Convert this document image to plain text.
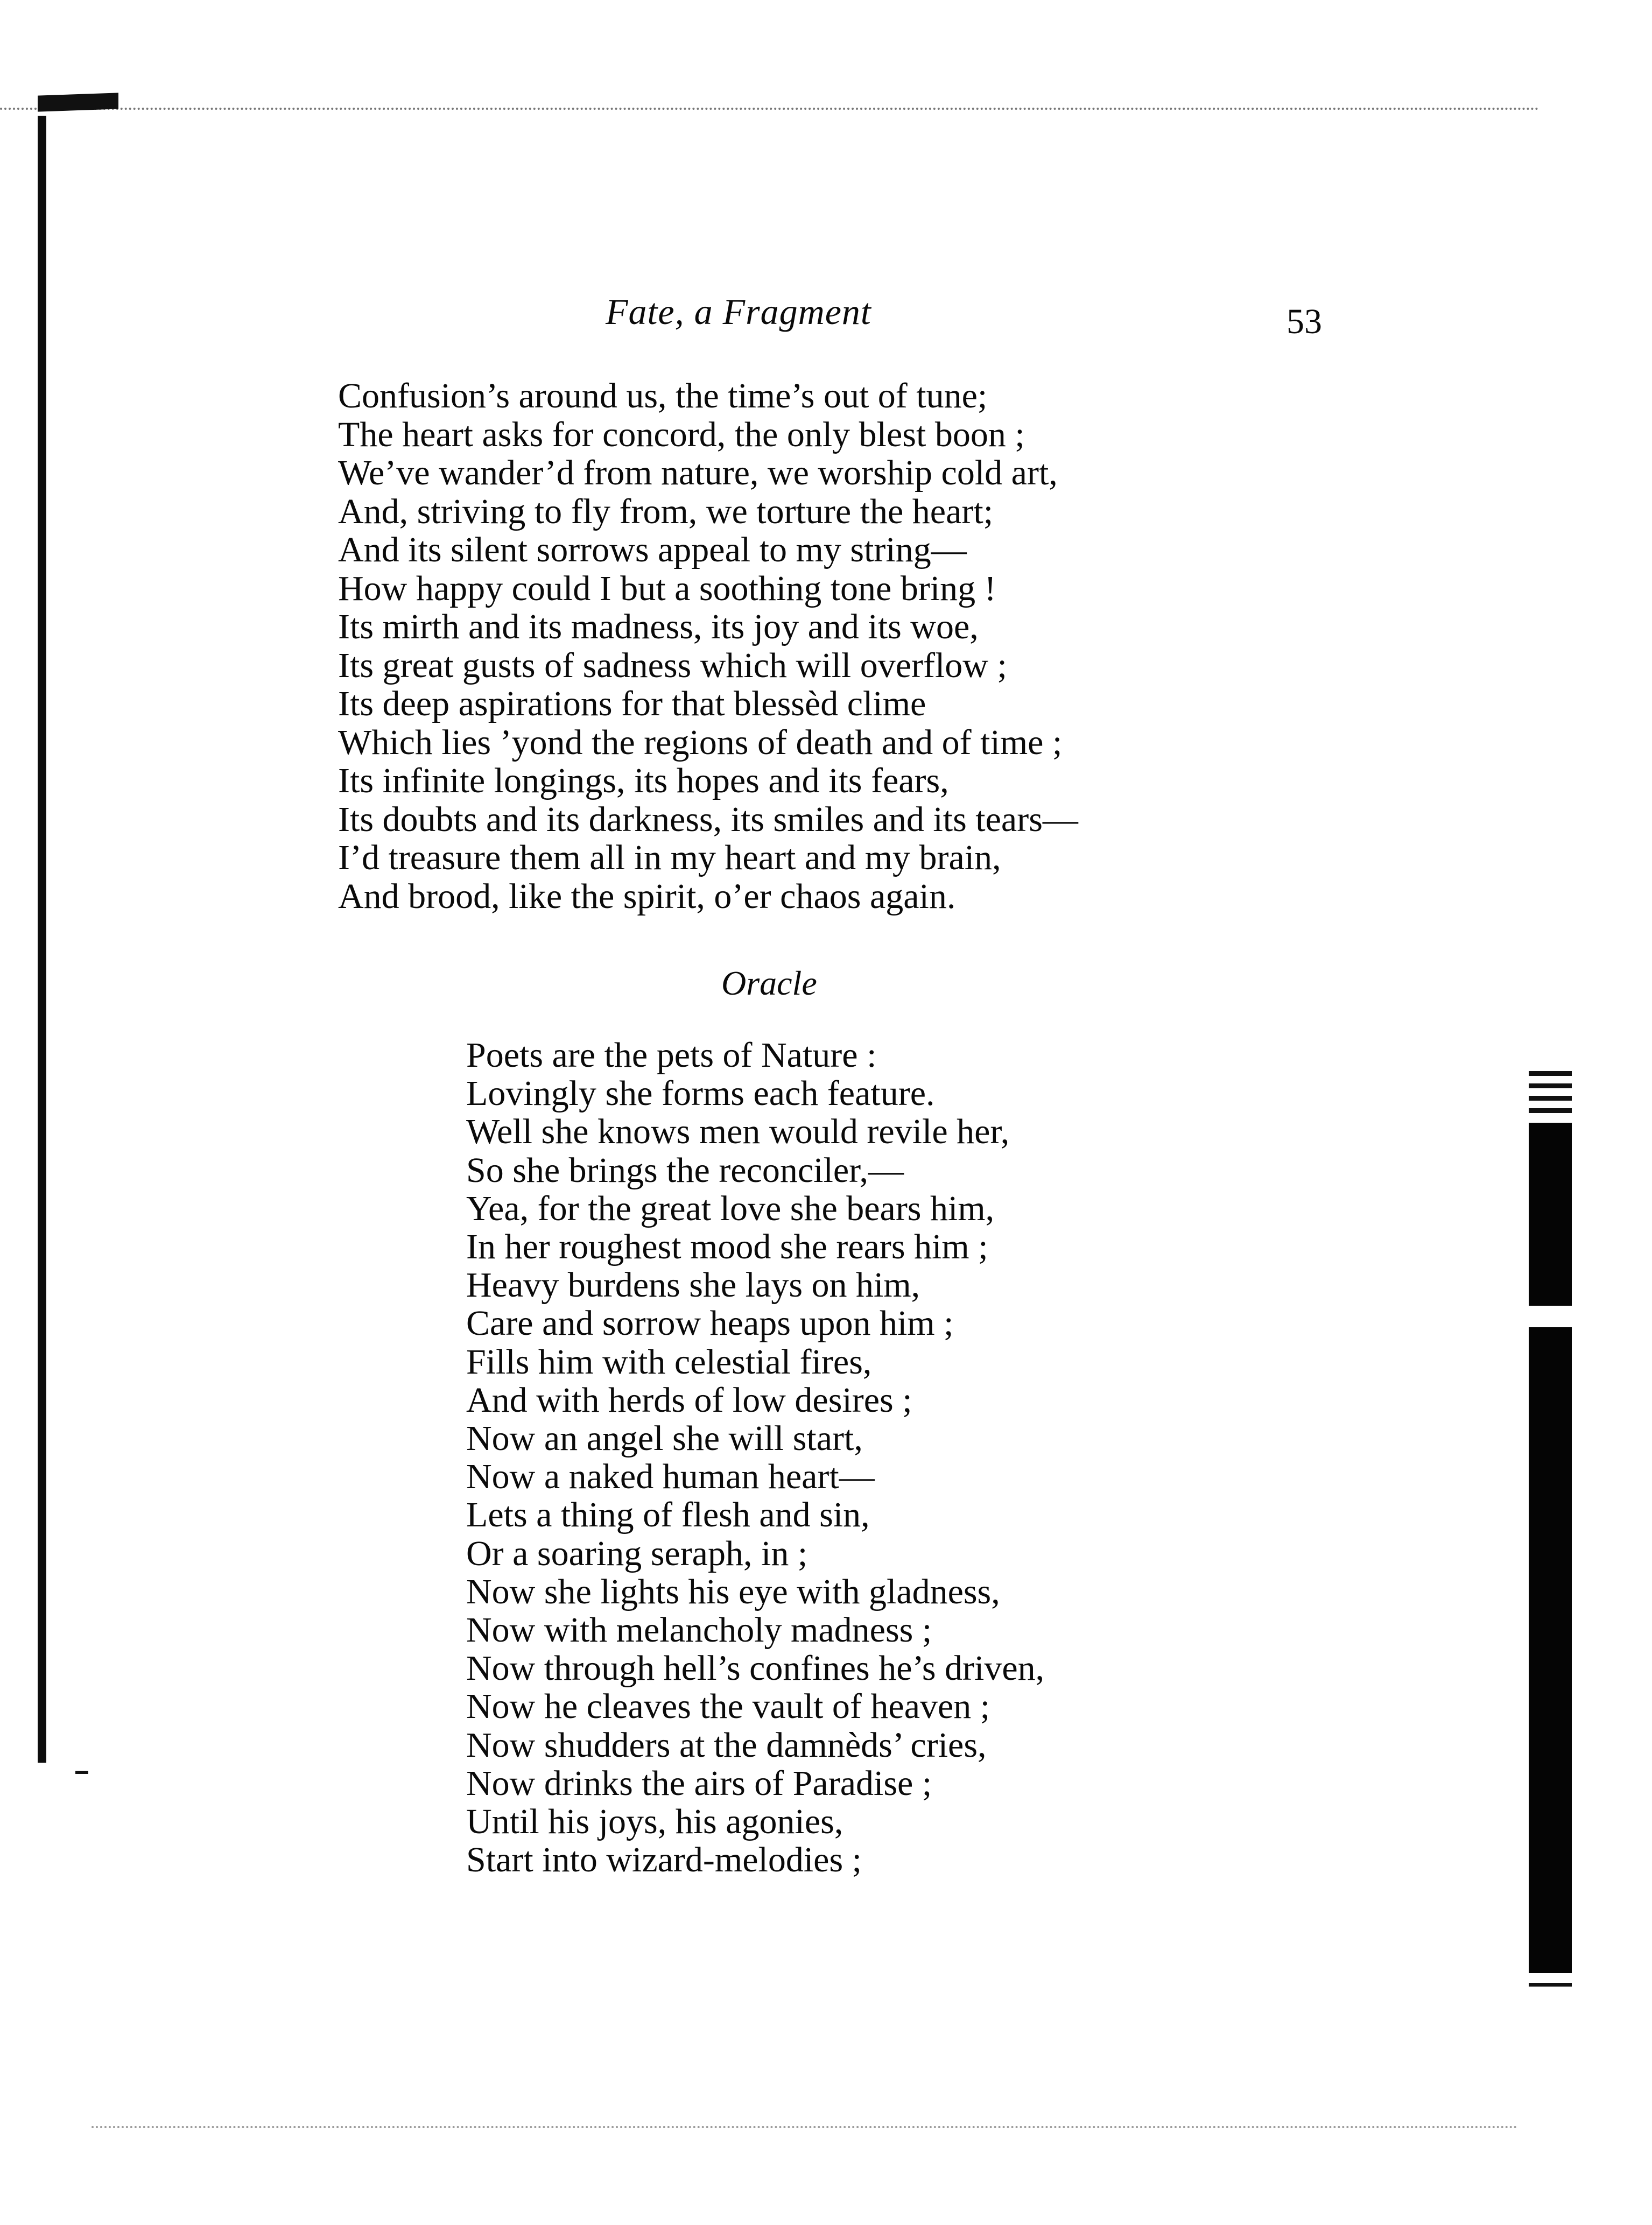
Fate, a Fragment	53
Confusion’s around us, the time’s out of tune;
The heart asks for concord, the only blest boon ;
We’ve wander’d from nature, we worship cold art,
And, striving to fly from, we torture the heart;
And its silent sorrows appeal to my string—
How happy could I but a soothing tone bring !
Its mirth and its madness, its joy and its woe,
Its great gusts of sadness which will overflow ;
Its deep aspirations for that blessèd clime
Which lies ’yond the regions of death and of time ;
Its infinite longings, its hopes and its fears,
Its doubts and its darkness, its smiles and its tears—
I’d treasure them all in my heart and my brain,
And brood, like the spirit, o’er chaos again.
Oracle
Poets are the pets of Nature :
Lovingly she forms each feature.
Well she knows men would revile her,
So she brings the reconciler,—
Yea, for the great love she bears him,
In her roughest mood she rears him ;
Heavy burdens she lays on him,
Care and sorrow heaps upon him ;
Fills him with celestial fires,
And with herds of low desires ;
Now an angel she will start,
Now a naked human heart—
Lets a thing of flesh and sin,
Or a soaring seraph, in ;
Now she lights his eye with gladness,
Now with melancholy madness ;
Now through hell’s confines he’s driven,
Now he cleaves the vault of heaven ;
Now shudders at the damnèds’ cries,
Now drinks the airs of Paradise ;
Until his joys, his agonies,
Start into wizard-melodies ;
